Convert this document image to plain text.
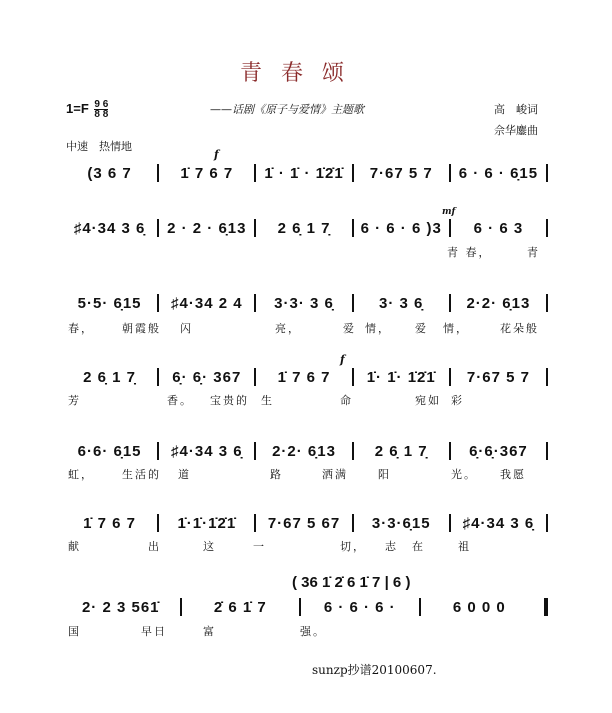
青 春 颂
$1=F \frac{9 6}{8 8}$	——话剧《原子与爱情》主题歌	高　峻词
佘华鏖曲
中速　热情地
f
mf
f
( 36 1̇ 2̇ 6 1̇ 7 | 6 )
(3 6 7	1̇ 7 6 7	1̇ · 1̇ · 1̇2̇1̇	7·67 5 7	6 · 6 · 6̣15
♯4·34 3 6̣	2 · 2 · 6̣13	2 6̣ 1 7̣	6 · 6 · 6 )3	6 · 6 3
青 春，	青
5·5· 6̣15	♯4·34 2 4	3·3· 3 6̣	3· 3 6̣	2·2· 6̣13
春，	朝霞般 闪	亮，	爱 情， 爱 情，	花朵般
2 6̣ 1 7̣	6̣· 6̣· 367	1̇ 7 6 7	1̇· 1̇· 1̇2̇1̇	7·67 5 7
芳	香。 宝贵的 生	命	宛如 彩
6·6· 6̣15	♯4·34 3 6̣	2·2· 6̣13	2 6̣ 1 7̣	6̣·6̣·367
虹，	生活的 道	路	洒满	阳	光。 我愿
1̇ 7 6 7	1̇·1̇·1̇2̇1̇	7·67 5 67	3·3·6̣15	♯4·34 3 6̣
献	出	这	一	切， 志 在	祖
2· 2 3 561̇	2̇ 6 1̇ 7	6 · 6 · 6 ·	6 0 0 0
国	早日	富	强。
sunzp抄谱20100607.
